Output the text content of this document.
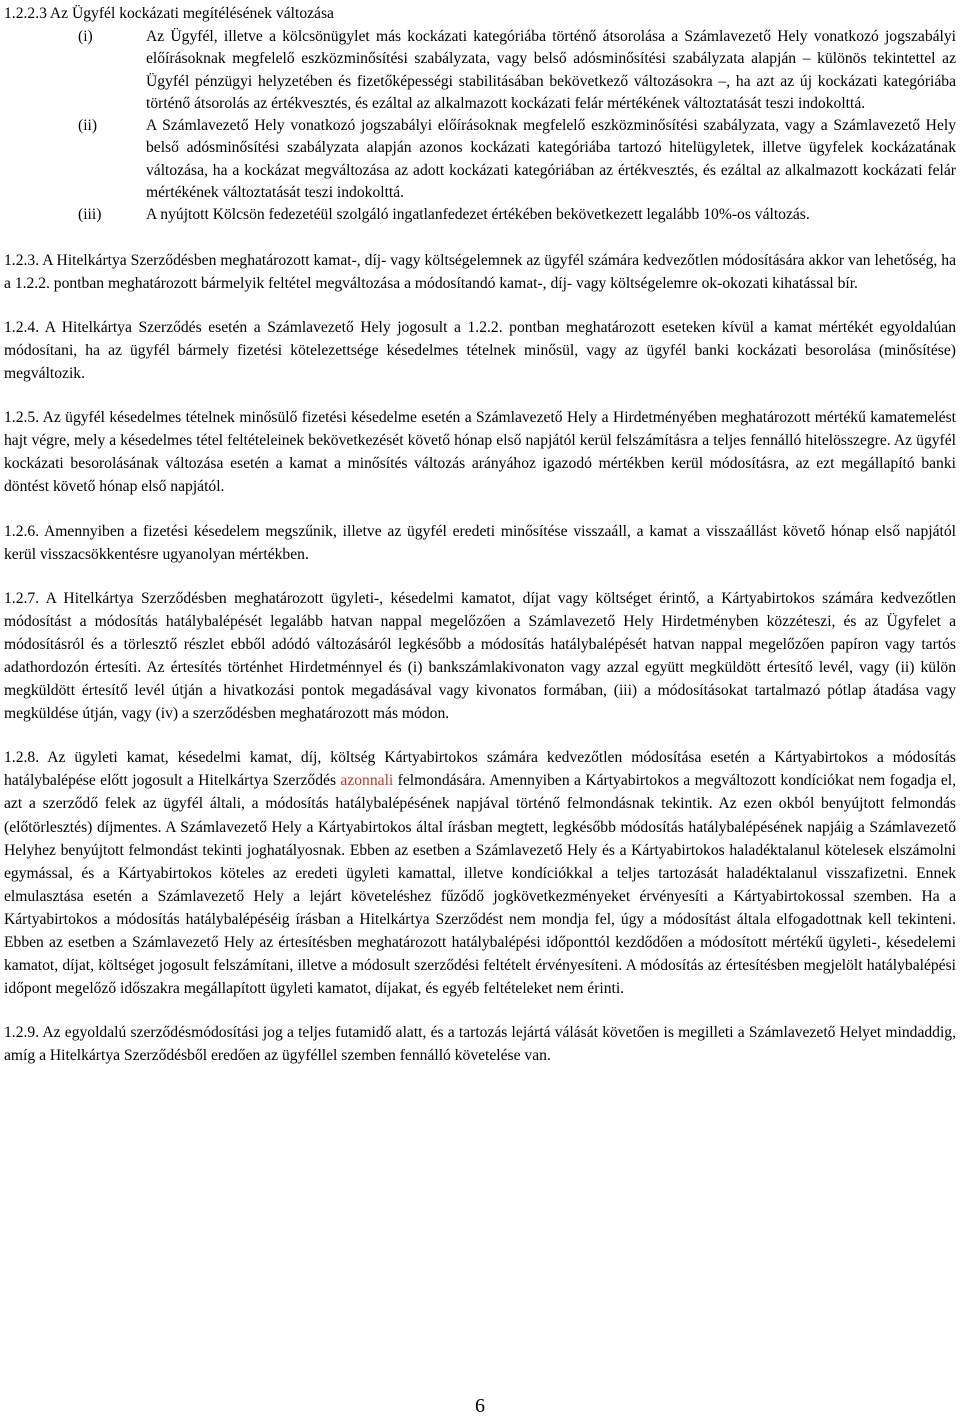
1.2.2.3 Az Ügyfél kockázati megítélésének változása
(i)	Az Ügyfél, illetve a kölcsönügylet más kockázati kategóriába történő átsorolása a Számlavezető Hely vonatkozó jogszabályi előírásoknak megfelelő eszközminősítési szabályzata, vagy belső adósminősítési szabályzata alapján – különös tekintettel az Ügyfél pénzügyi helyzetében és fizetőképességi stabilitásában bekövetkező változásokra –, ha azt az új kockázati kategóriába történő átsorolás az értékvesztés, és ezáltal az alkalmazott kockázati felár mértékének változtatását teszi indokolttá.
(ii)	A Számlavezető Hely vonatkozó jogszabályi előírásoknak megfelelő eszközminősítési szabályzata, vagy a Számlavezető Hely belső adósminősítési szabályzata alapján azonos kockázati kategóriába tartozó hitelügyletek, illetve ügyfelek kockázatának változása, ha a kockázat megváltozása az adott kockázati kategóriában az értékvesztés, és ezáltal az alkalmazott kockázati felár mértékének változtatását teszi indokolttá.
(iii)	A nyújtott Kölcsön fedezetéül szolgáló ingatlanfedezet értékében bekövetkezett legalább 10%-os változás.

1.2.3. A Hitelkártya Szerződésben meghatározott kamat-, díj- vagy költségelemnek az ügyfél számára kedvezőtlen módosítására akkor van lehetőség, ha a 1.2.2. pontban meghatározott bármelyik feltétel megváltozása a módosítandó kamat-, díj- vagy költségelemre ok-okozati kihatással bír.

1.2.4. A Hitelkártya Szerződés esetén a Számlavezető Hely jogosult a 1.2.2. pontban meghatározott eseteken kívül a kamat mértékét egyoldalúan módosítani, ha az ügyfél bármely fizetési kötelezettsége késedelmes tételnek minősül, vagy az ügyfél banki kockázati besorolása (minősítése) megváltozik.

1.2.5. Az ügyfél késedelmes tételnek minősülő fizetési késedelme esetén a Számlavezető Hely a Hirdetményében meghatározott mértékű kamatemelést hajt végre, mely a késedelmes tétel feltételeinek bekövetkezését követő hónap első napjától kerül felszámításra a teljes fennálló hitelösszegre. Az ügyfél kockázati besorolásának változása esetén a kamat a minősítés változás arányához igazodó mértékben kerül módosításra, az ezt megállapító banki döntést követő hónap első napjától.

1.2.6. Amennyiben a fizetési késedelem megszűnik, illetve az ügyfél eredeti minősítése visszaáll, a kamat a visszaállást követő hónap első napjától kerül visszacsökkentésre ugyanolyan mértékben.

1.2.7. A Hitelkártya Szerződésben meghatározott ügyleti-, késedelmi kamatot, díjat vagy költséget érintő, a Kártyabirtokos számára kedvezőtlen módosítást a módosítás hatálybalépését legalább hatvan nappal megelőzően a Számlavezető Hely Hirdetményben közzéteszi, és az Ügyfelet a módosításról és a törlesztő részlet ebből adódó változásáról legkésőbb a módosítás hatálybalépését hatvan nappal megelőzően papíron vagy tartós adathordozón értesíti. Az értesítés történhet Hirdetménnyel és (i) bankszámlakivonaton vagy azzal együtt megküldött értesítő levél, vagy (ii) külön megküldött értesítő levél útján a hivatkozási pontok megadásával vagy kivonatos formában, (iii) a módosításokat tartalmazó pótlap átadása vagy megküldése útján, vagy (iv) a szerződésben meghatározott más módon.

1.2.8. Az ügyleti kamat, késedelmi kamat, díj, költség Kártyabirtokos számára kedvezőtlen módosítása esetén a Kártyabirtokos a módosítás hatálybalépése előtt jogosult a Hitelkártya Szerződés azonnali felmondására. Amennyiben a Kártyabirtokos a megváltozott kondíciókat nem fogadja el, azt a szerződő felek az ügyfél általi, a módosítás hatálybalépésének napjával történő felmondásnak tekintik. Az ezen okból benyújtott felmondás (előtörlesztés) díjmentes. A Számlavezető Hely a Kártyabirtokos által írásban megtett, legkésőbb módosítás hatálybalépésének napjáig a Számlavezető Helyhez benyújtott felmondást tekinti joghatályosnak. Ebben az esetben a Számlavezető Hely és a Kártyabirtokos haladéktalanul kötelesek elszámolni egymással, és a Kártyabirtokos köteles az eredeti ügyleti kamattal, illetve kondíciókkal a teljes tartozását haladéktalanul visszafizetni. Ennek elmulasztása esetén a Számlavezető Hely a lejárt követeléshez fűződő jogkövetkezményeket érvényesíti a Kártyabirtokossal szemben. Ha a Kártyabirtokos a módosítás hatálybalépéséig írásban a Hitelkártya Szerződést nem mondja fel, úgy a módosítást általa elfogadottnak kell tekinteni. Ebben az esetben a Számlavezető Hely az értesítésben meghatározott hatálybalépési időponttól kezdődően a módosított mértékű ügyleti-, késedelemi kamatot, díjat, költséget jogosult felszámítani, illetve a módosult szerződési feltételt érvényesíteni. A módosítás az értesítésben megjelölt hatálybalépési időpont megelőző időszakra megállapított ügyleti kamatot, díjakat, és egyéb feltételeket nem érinti.

1.2.9. Az egyoldalú szerződésmódosítási jog a teljes futamidő alatt, és a tartozás lejártá válását követően is megilleti a Számlavezető Helyet mindaddig, amíg a Hitelkártya Szerződésből eredően az ügyféllel szemben fennálló követelése van.

6
